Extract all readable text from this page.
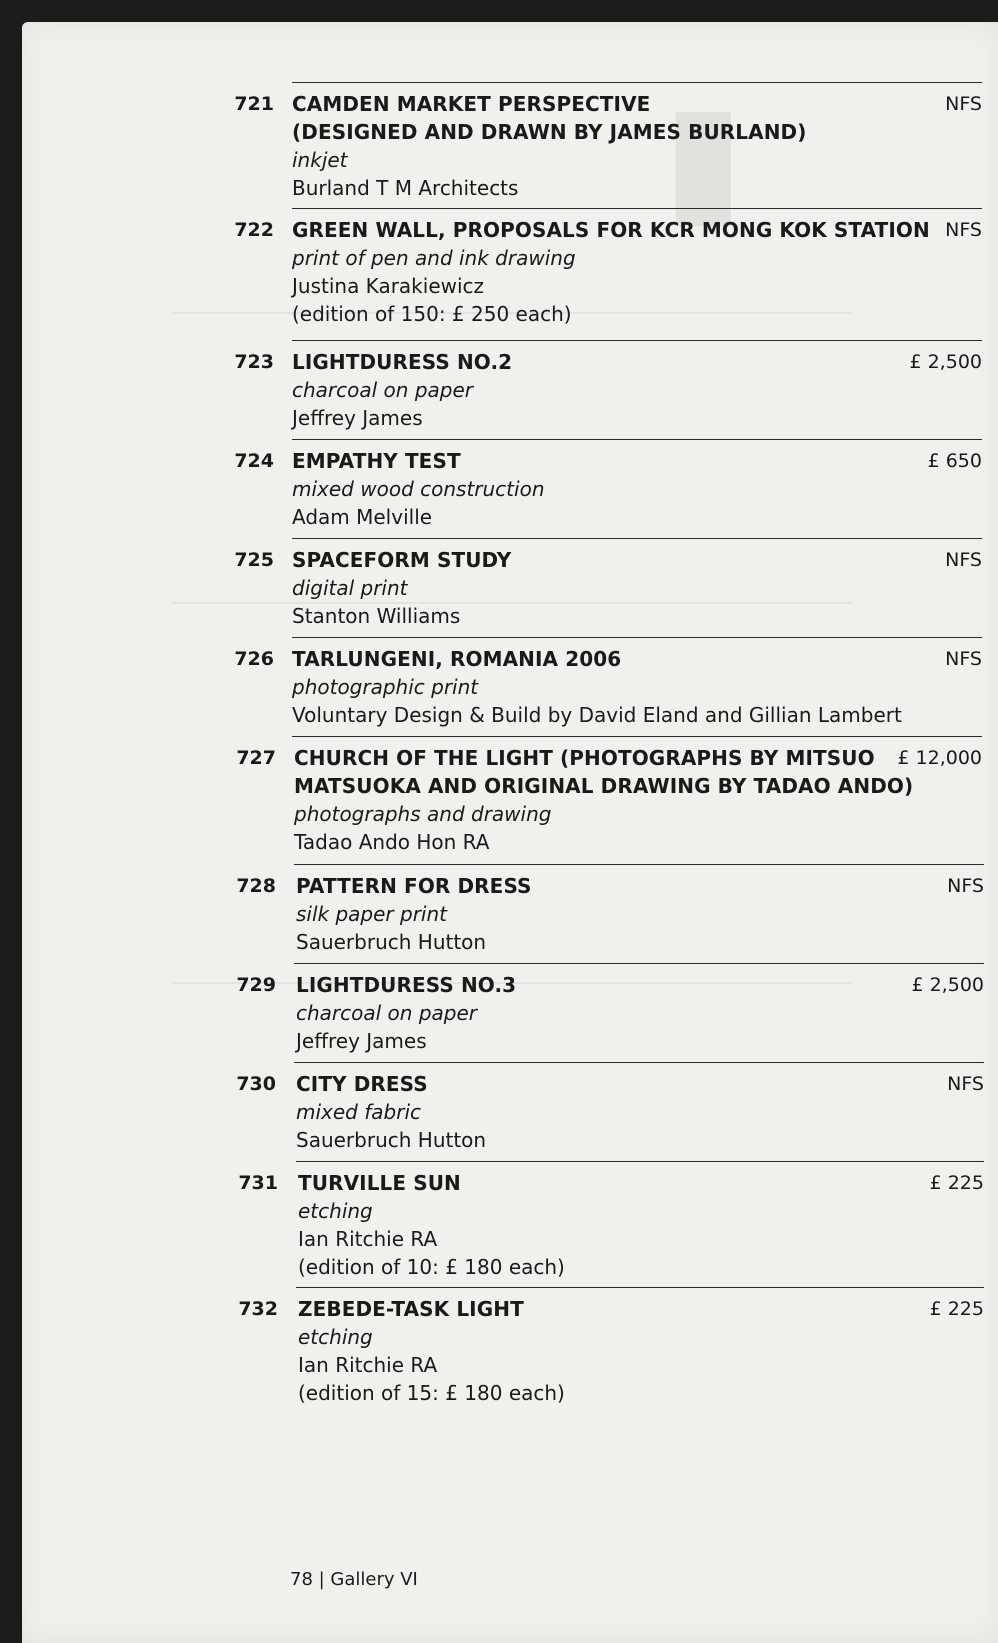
▮
721 CAMDEN MARKET PERSPECTIVE
(DESIGNED AND DRAWN BY JAMES BURLAND)
inkjet
Burland T M Architects
NFS
722 GREEN WALL, PROPOSALS FOR KCR MONG KOK STATION
print of pen and ink drawing
Justina Karakiewicz
(edition of 150: £ 250 each)
NFS
723 LIGHTDURESS NO.2
charcoal on paper
Jeffrey James
£ 2,500
724 EMPATHY TEST
mixed wood construction
Adam Melville
£ 650
725 SPACEFORM STUDY
digital print
Stanton Williams
NFS
726 TARLUNGENI, ROMANIA 2006
photographic print
Voluntary Design & Build by David Eland and Gillian Lambert
NFS
727 CHURCH OF THE LIGHT (PHOTOGRAPHS BY MITSUO
MATSUOKA AND ORIGINAL DRAWING BY TADAO ANDO)
photographs and drawing
Tadao Ando Hon RA
£ 12,000
728 PATTERN FOR DRESS
silk paper print
Sauerbruch Hutton
NFS
729 LIGHTDURESS NO.3
charcoal on paper
Jeffrey James
£ 2,500
730 CITY DRESS
mixed fabric
Sauerbruch Hutton
NFS
731 TURVILLE SUN
etching
Ian Ritchie RA
(edition of 10: £ 180 each)
£ 225
732 ZEBEDE-TASK LIGHT
etching
Ian Ritchie RA
(edition of 15: £ 180 each)
£ 225
78 | Gallery VI
